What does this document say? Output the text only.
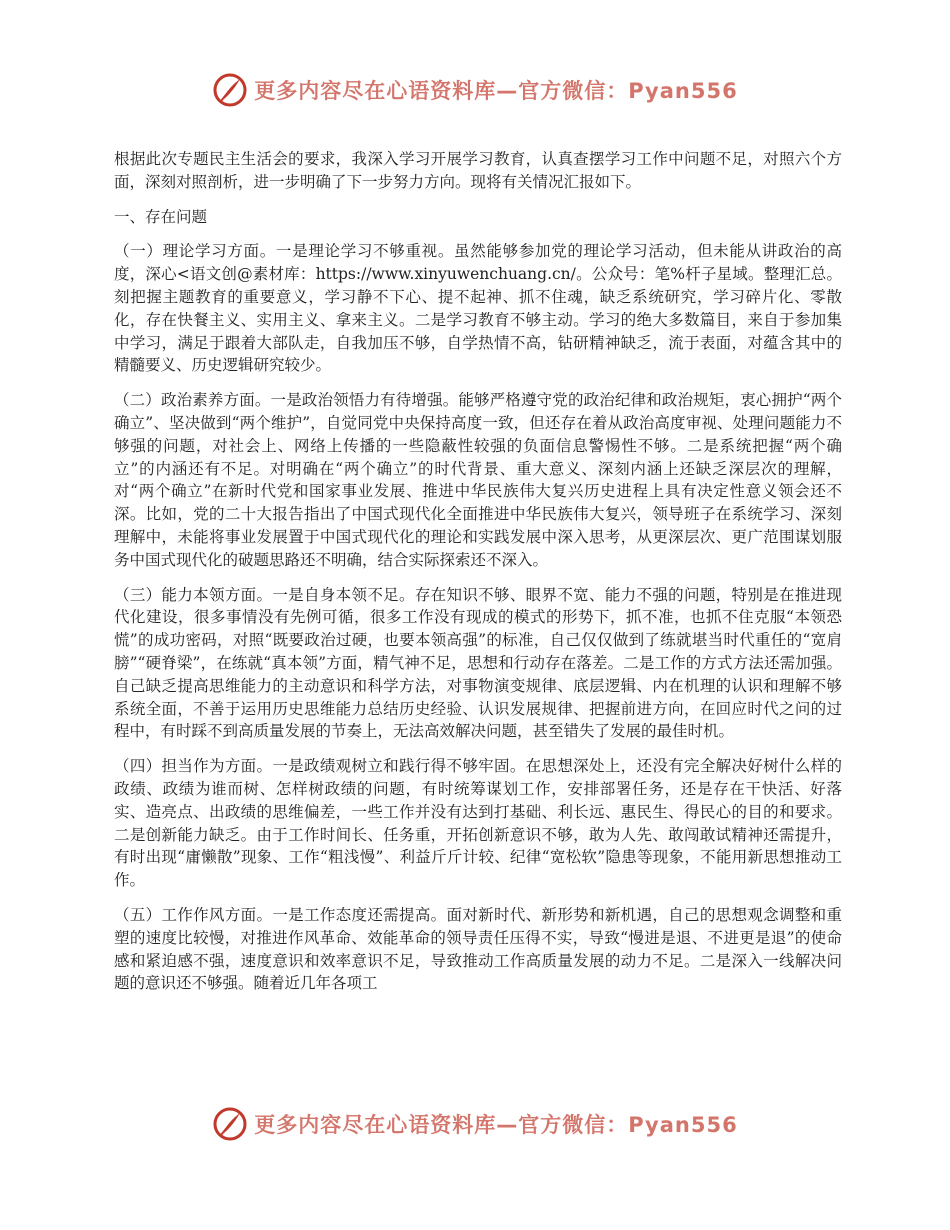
更多内容尽在心语资料库—官方微信：Pyan556

根据此次专题民主生活会的要求，我深入学习开展学习教育，认真查摆学习工作中问题不足，对照六个方面，深刻对照剖析，进一步明确了下一步努力方向。现将有关情况汇报如下。

一、存在问题

（一）理论学习方面。一是理论学习不够重视。虽然能够参加党的理论学习活动，但未能从讲政治的高度，深心<语文创@素材库：https://www.xinyuwenchuang.cn/。公众号：笔%杆子星域。整理汇总。刻把握主题教育的重要意义，学习静不下心、提不起神、抓不住魂，缺乏系统研究，学习碎片化、零散化，存在快餐主义、实用主义、拿来主义。二是学习教育不够主动。学习的绝大多数篇目，来自于参加集中学习，满足于跟着大部队走，自我加压不够，自学热情不高，钻研精神缺乏，流于表面，对蕴含其中的精髓要义、历史逻辑研究较少。

（二）政治素养方面。一是政治领悟力有待增强。能够严格遵守党的政治纪律和政治规矩，衷心拥护“两个确立”、坚决做到“两个维护”，自觉同党中央保持高度一致，但还存在着从政治高度审视、处理问题能力不够强的问题，对社会上、网络上传播的一些隐蔽性较强的负面信息警惕性不够。二是系统把握“两个确立”的内涵还有不足。对明确在“两个确立”的时代背景、重大意义、深刻内涵上还缺乏深层次的理解，对“两个确立”在新时代党和国家事业发展、推进中华民族伟大复兴历史进程上具有决定性意义领会还不深。比如，党的二十大报告指出了中国式现代化全面推进中华民族伟大复兴，领导班子在系统学习、深刻理解中，未能将事业发展置于中国式现代化的理论和实践发展中深入思考，从更深层次、更广范围谋划服务中国式现代化的破题思路还不明确，结合实际探索还不深入。

（三）能力本领方面。一是自身本领不足。存在知识不够、眼界不宽、能力不强的问题，特别是在推进现代化建设，很多事情没有先例可循，很多工作没有现成的模式的形势下，抓不准，也抓不住克服“本领恐慌”的成功密码，对照“既要政治过硬，也要本领高强”的标准，自己仅仅做到了练就堪当时代重任的“宽肩膀”“硬脊梁”，在练就“真本领”方面，精气神不足，思想和行动存在落差。二是工作的方式方法还需加强。自己缺乏提高思维能力的主动意识和科学方法，对事物演变规律、底层逻辑、内在机理的认识和理解不够系统全面，不善于运用历史思维能力总结历史经验、认识发展规律、把握前进方向，在回应时代之问的过程中，有时踩不到高质量发展的节奏上，无法高效解决问题，甚至错失了发展的最佳时机。

（四）担当作为方面。一是政绩观树立和践行得不够牢固。在思想深处上，还没有完全解决好树什么样的政绩、政绩为谁而树、怎样树政绩的问题，有时统筹谋划工作，安排部署任务，还是存在干快活、好落实、造亮点、出政绩的思维偏差，一些工作并没有达到打基础、利长远、惠民生、得民心的目的和要求。二是创新能力缺乏。由于工作时间长、任务重，开拓创新意识不够，敢为人先、敢闯敢试精神还需提升，有时出现“庸懒散”现象、工作“粗浅慢”、利益斤斤计较、纪律“宽松软”隐患等现象，不能用新思想推动工作。

（五）工作作风方面。一是工作态度还需提高。面对新时代、新形势和新机遇，自己的思想观念调整和重塑的速度比较慢，对推进作风革命、效能革命的领导责任压得不实，导致“慢进是退、不进更是退”的使命感和紧迫感不强，速度意识和效率意识不足，导致推动工作高质量发展的动力不足。二是深入一线解决问题的意识还不够强。随着近几年各项工

更多内容尽在心语资料库—官方微信：Pyan556
